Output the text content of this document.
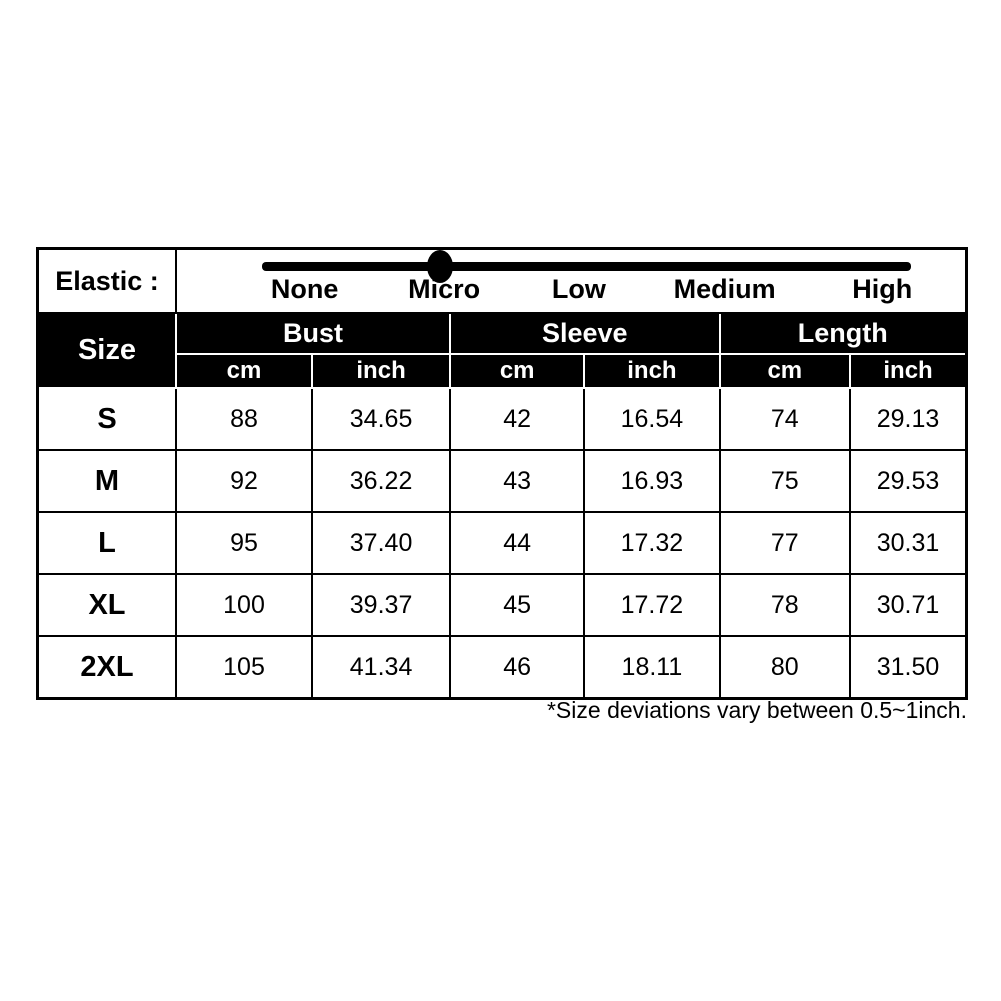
Elastic :	None Micro Low Medium High					

Size	Bust		Sleeve		Length	
	cm	inch	cm	inch	cm	inch
S	88	34.65	42	16.54	74	29.13
M	92	36.22	43	16.93	75	29.53
L	95	37.40	44	17.32	77	30.31
XL	100	39.37	45	17.72	78	30.71
2XL	105	41.34	46	18.11	80	31.50
*Size deviations vary between 0.5~1inch.
